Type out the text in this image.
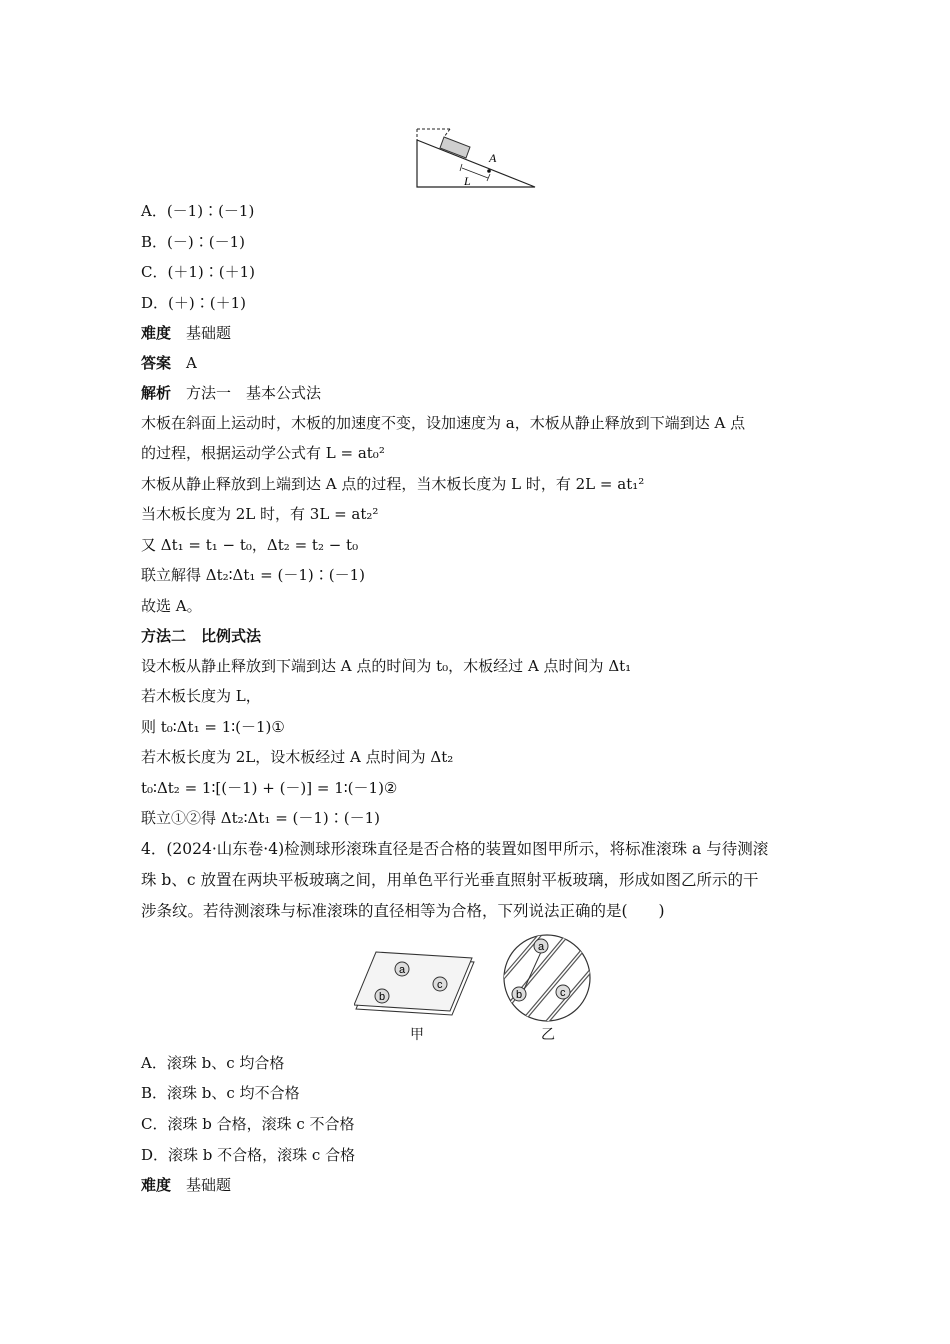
A
L
A．(－1)∶(－1)
B．(－)∶(－1)
C．(＋1)∶(＋1)
D．(＋)∶(＋1)
难度　 基础题
答案　 A
解析　 方法一　基本公式法
木板在斜面上运动时，木板的加速度不变，设加速度为 a，木板从静止释放到下端到达 A 点
的过程，根据运动学公式有 L = at₀²
木板从静止释放到上端到达 A 点的过程，当木板长度为 L 时，有 2L = at₁²
当木板长度为 2L 时，有 3L = at₂²
又 Δt₁ = t₁ − t₀，Δt₂ = t₂ − t₀
联立解得 Δt₂∶Δt₁ = (－1)∶(－1)
故选 A。
方法二　比例式法
设木板从静止释放到下端到达 A 点的时间为 t₀，木板经过 A 点时间为 Δt₁
若木板长度为 L，
则 t₀∶Δt₁ = 1∶(－1)①
若木板长度为 2L，设木板经过 A 点时间为 Δt₂
t₀∶Δt₂ = 1∶[(－1) + (－)] = 1∶(－1)②
联立①②得 Δt₂∶Δt₁ = (－1)∶(－1)
4．(2024·山东卷·4)检测球形滚珠直径是否合格的装置如图甲所示，将标准滚珠 a 与待测滚
珠 b、c 放置在两块平板玻璃之间，用单色平行光垂直照射平板玻璃，形成如图乙所示的干
涉条纹。若待测滚珠与标准滚珠的直径相等为合格，下列说法正确的是(　　)
a
b
c
甲
a
b	c
乙
A．滚珠 b、c 均合格
B．滚珠 b、c 均不合格
C．滚珠 b 合格，滚珠 c 不合格
D．滚珠 b 不合格，滚珠 c 合格
难度　 基础题
